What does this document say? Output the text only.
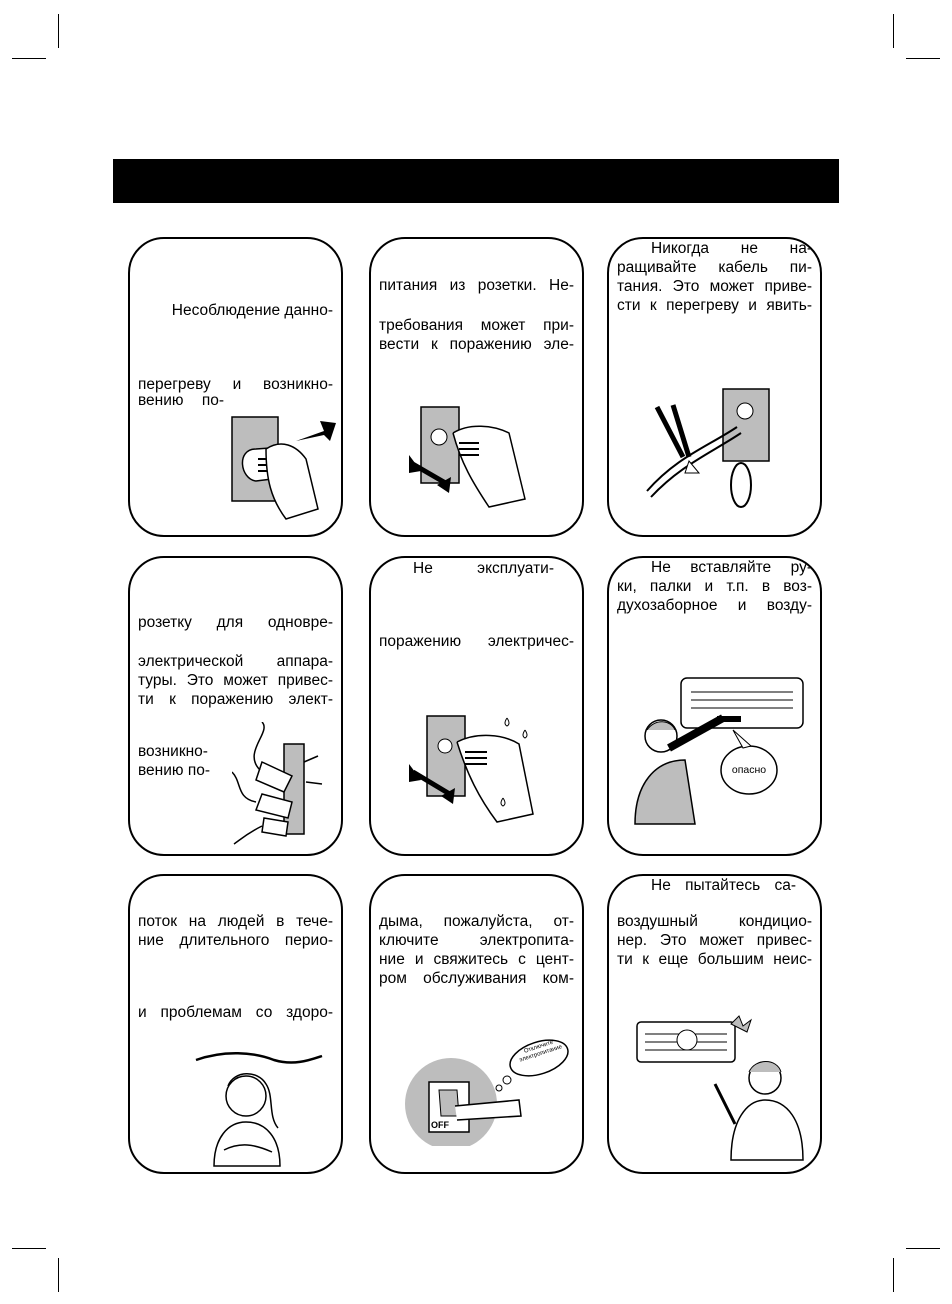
Несоблюдение данно-
перегреву и возникно-
вению по-
питания из розетки. Не-
требования может при-
вести к поражению эле-
Никогда не на-
ращивайте кабель пи-
тания. Это может приве-
сти к перегреву и явить-
розетку для одновре-
электрической аппара-
туры. Это может привес-
ти к поражению элект-
возникно-
вению по-
Не эксплуати-
поражению электричес-
Не вставляйте ру-
ки, палки и т.п. в воз-
духозаборное и возду-
опасно
поток на людей в тече-
ние длительного перио-
и проблемам со здоро-
дыма, пожалуйста, от-
ключите электропита-
ние и свяжитесь с цент-
ром обслуживания ком-
OFF
Отключите электропитание
Не пытайтесь са-
воздушный кондицио-
нер. Это может привес-
ти к еще большим неис-
